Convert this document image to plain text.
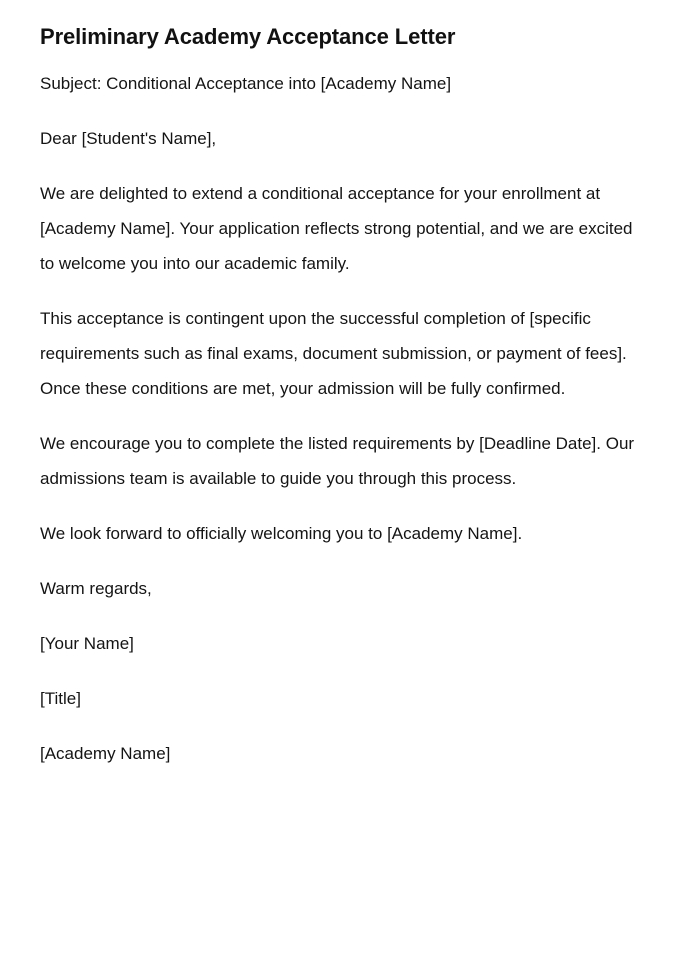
Preliminary Academy Acceptance Letter

Subject: Conditional Acceptance into [Academy Name]

Dear [Student's Name],

We are delighted to extend a conditional acceptance for your enrollment at [Academy Name]. Your application reflects strong potential, and we are excited to welcome you into our academic family.

This acceptance is contingent upon the successful completion of [specific requirements such as final exams, document submission, or payment of fees]. Once these conditions are met, your admission will be fully confirmed.

We encourage you to complete the listed requirements by [Deadline Date]. Our admissions team is available to guide you through this process.

We look forward to officially welcoming you to [Academy Name].

Warm regards,

[Your Name]

[Title]

[Academy Name]
